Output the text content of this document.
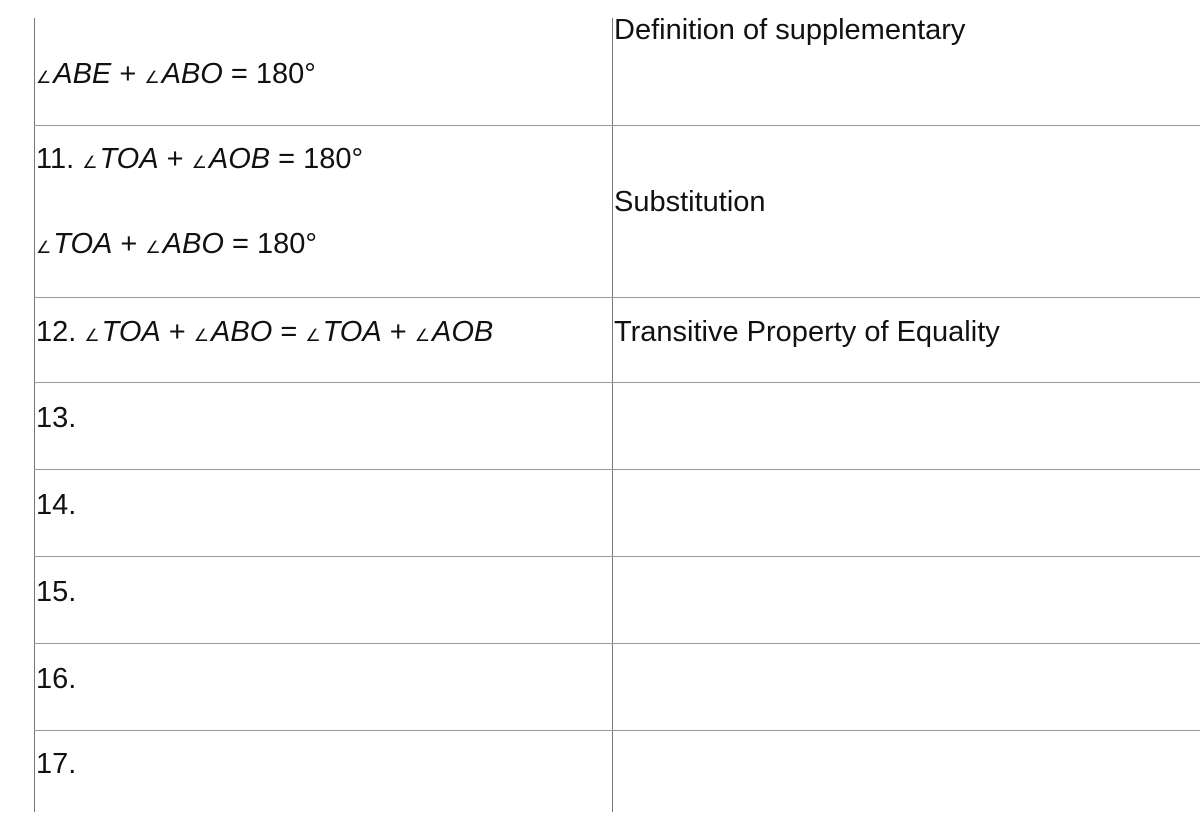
∠ABE + ∠ABO = 180°
11. ∠TOA + ∠AOB = 180°
∠TOA + ∠ABO = 180°
12. ∠TOA + ∠ABO = ∠TOA + ∠AOB
13.
14.
15.
16.
17.
Definition of supplementary
Substitution
Transitive Property of Equality
